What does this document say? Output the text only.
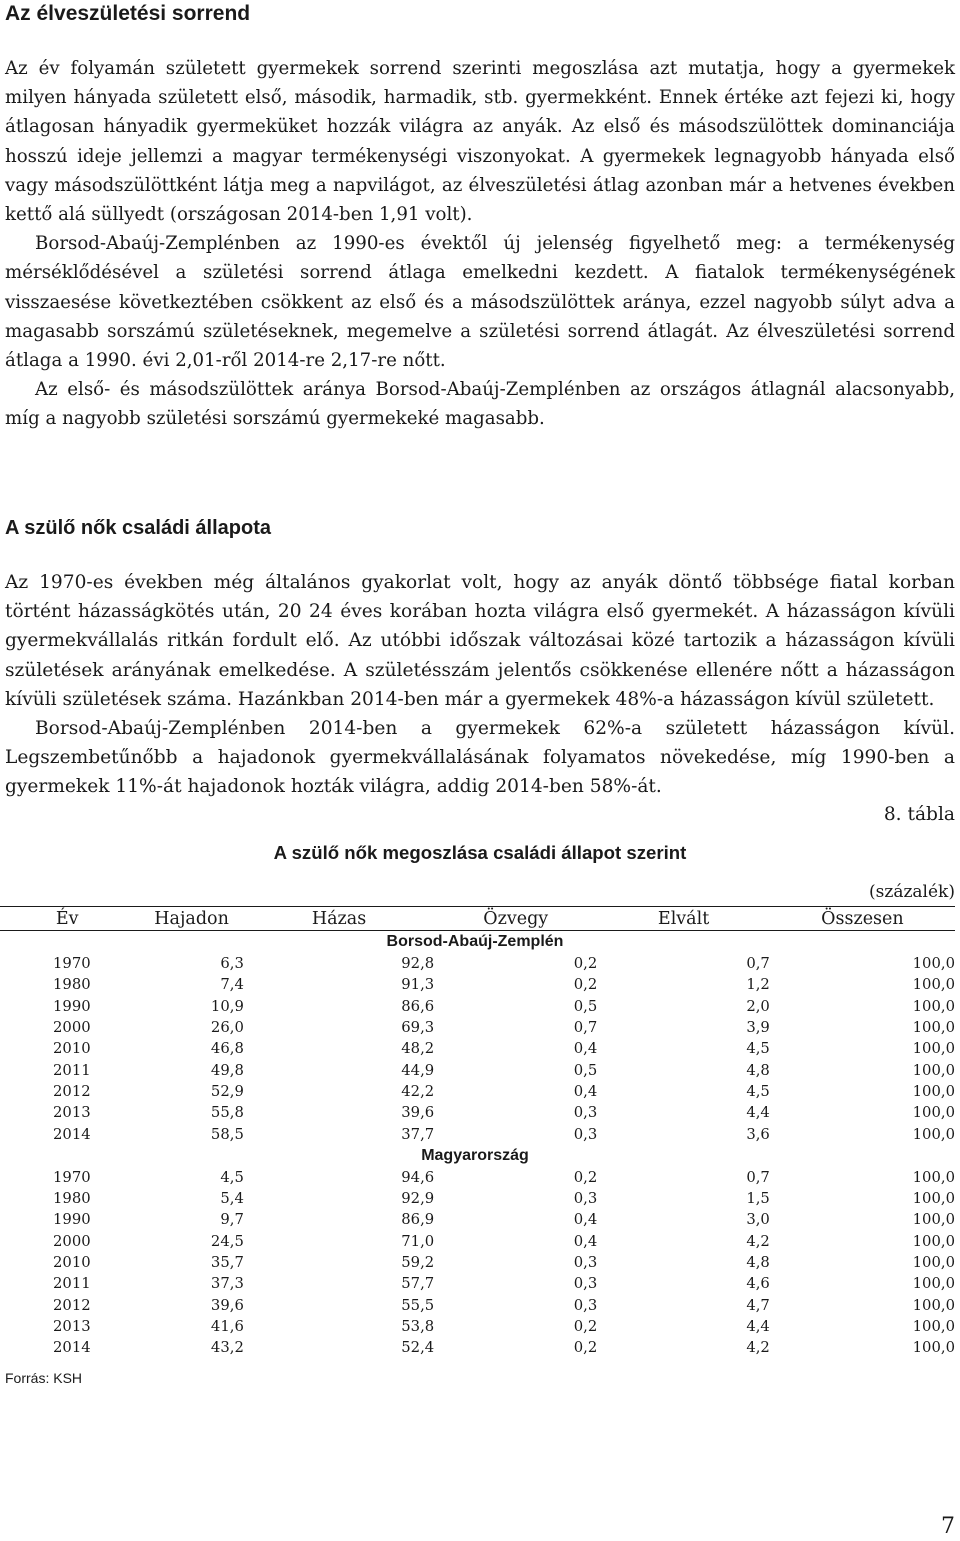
Az élveszületési sorrend

Az év folyamán született gyermekek sorrend szerinti megoszlása azt mutatja, hogy a gyermekek milyen hányada született első, második, harmadik, stb. gyermekként. Ennek értéke azt fejezi ki, hogy átlagosan hányadik gyermeküket hozzák világra az anyák. Az első és másodszülöttek dominanciája hosszú ideje jellemzi a magyar termékenységi viszonyokat. A gyermekek legnagyobb hányada első vagy másodszülöttként látja meg a napvilágot, az élveszületési átlag azonban már a hetvenes években kettő alá süllyedt (országosan 2014-ben 1,91 volt).

Borsod-Abaúj-Zemplénben az 1990-es évektől új jelenség figyelhető meg: a termékenység mérséklődésével a születési sorrend átlaga emelkedni kezdett. A fiatalok termékenységének visszaesése következtében csökkent az első és a másodszülöttek aránya, ezzel nagyobb súlyt adva a magasabb sorszámú születéseknek, megemelve a születési sorrend átlagát. Az élveszületési sorrend átlaga a 1990. évi 2,01-ről 2014-re 2,17-re nőtt.

Az első- és másodszülöttek aránya Borsod-Abaúj-Zemplénben az országos átlagnál alacsonyabb, míg a nagyobb születési sorszámú gyermekeké magasabb.

A szülő nők családi állapota

Az 1970-es években még általános gyakorlat volt, hogy az anyák döntő többsége fiatal korban történt házasságkötés után, 20 24 éves korában hozta világra első gyermekét. A házasságon kívüli gyermekvállalás ritkán fordult elő. Az utóbbi időszak változásai közé tartozik a házasságon kívüli születések arányának emelkedése. A születésszám jelentős csökkenése ellenére nőtt a házasságon kívüli születések száma. Hazánkban 2014-ben már a gyermekek 48%-a házasságon kívül született.

Borsod-Abaúj-Zemplénben 2014-ben a gyermekek 62%-a született házasságon kívül. Legszembetűnőbb a hajadonok gyermekvállalásának folyamatos növekedése, míg 1990-ben a gyermekek 11%-át hajadonok hozták világra, addig 2014-ben 58%-át.

8. tábla
A szülő nők megoszlása családi állapot szerint
(százalék)
Forrás: KSH
7
Év	Hajadon	Házas	Özvegy	Elvált	Összesen
Borsod-Abaúj-Zemplén					
1970	6,3	92,8	0,2	0,7	100,0
1980	7,4	91,3	0,2	1,2	100,0
1990	10,9	86,6	0,5	2,0	100,0
2000	26,0	69,3	0,7	3,9	100,0
2010	46,8	48,2	0,4	4,5	100,0
2011	49,8	44,9	0,5	4,8	100,0
2012	52,9	42,2	0,4	4,5	100,0
2013	55,8	39,6	0,3	4,4	100,0
2014	58,5	37,7	0,3	3,6	100,0
Magyarország					
1970	4,5	94,6	0,2	0,7	100,0
1980	5,4	92,9	0,3	1,5	100,0
1990	9,7	86,9	0,4	3,0	100,0
2000	24,5	71,0	0,4	4,2	100,0
2010	35,7	59,2	0,3	4,8	100,0
2011	37,3	57,7	0,3	4,6	100,0
2012	39,6	55,5	0,3	4,7	100,0
2013	41,6	53,8	0,2	4,4	100,0
2014	43,2	52,4	0,2	4,2	100,0
